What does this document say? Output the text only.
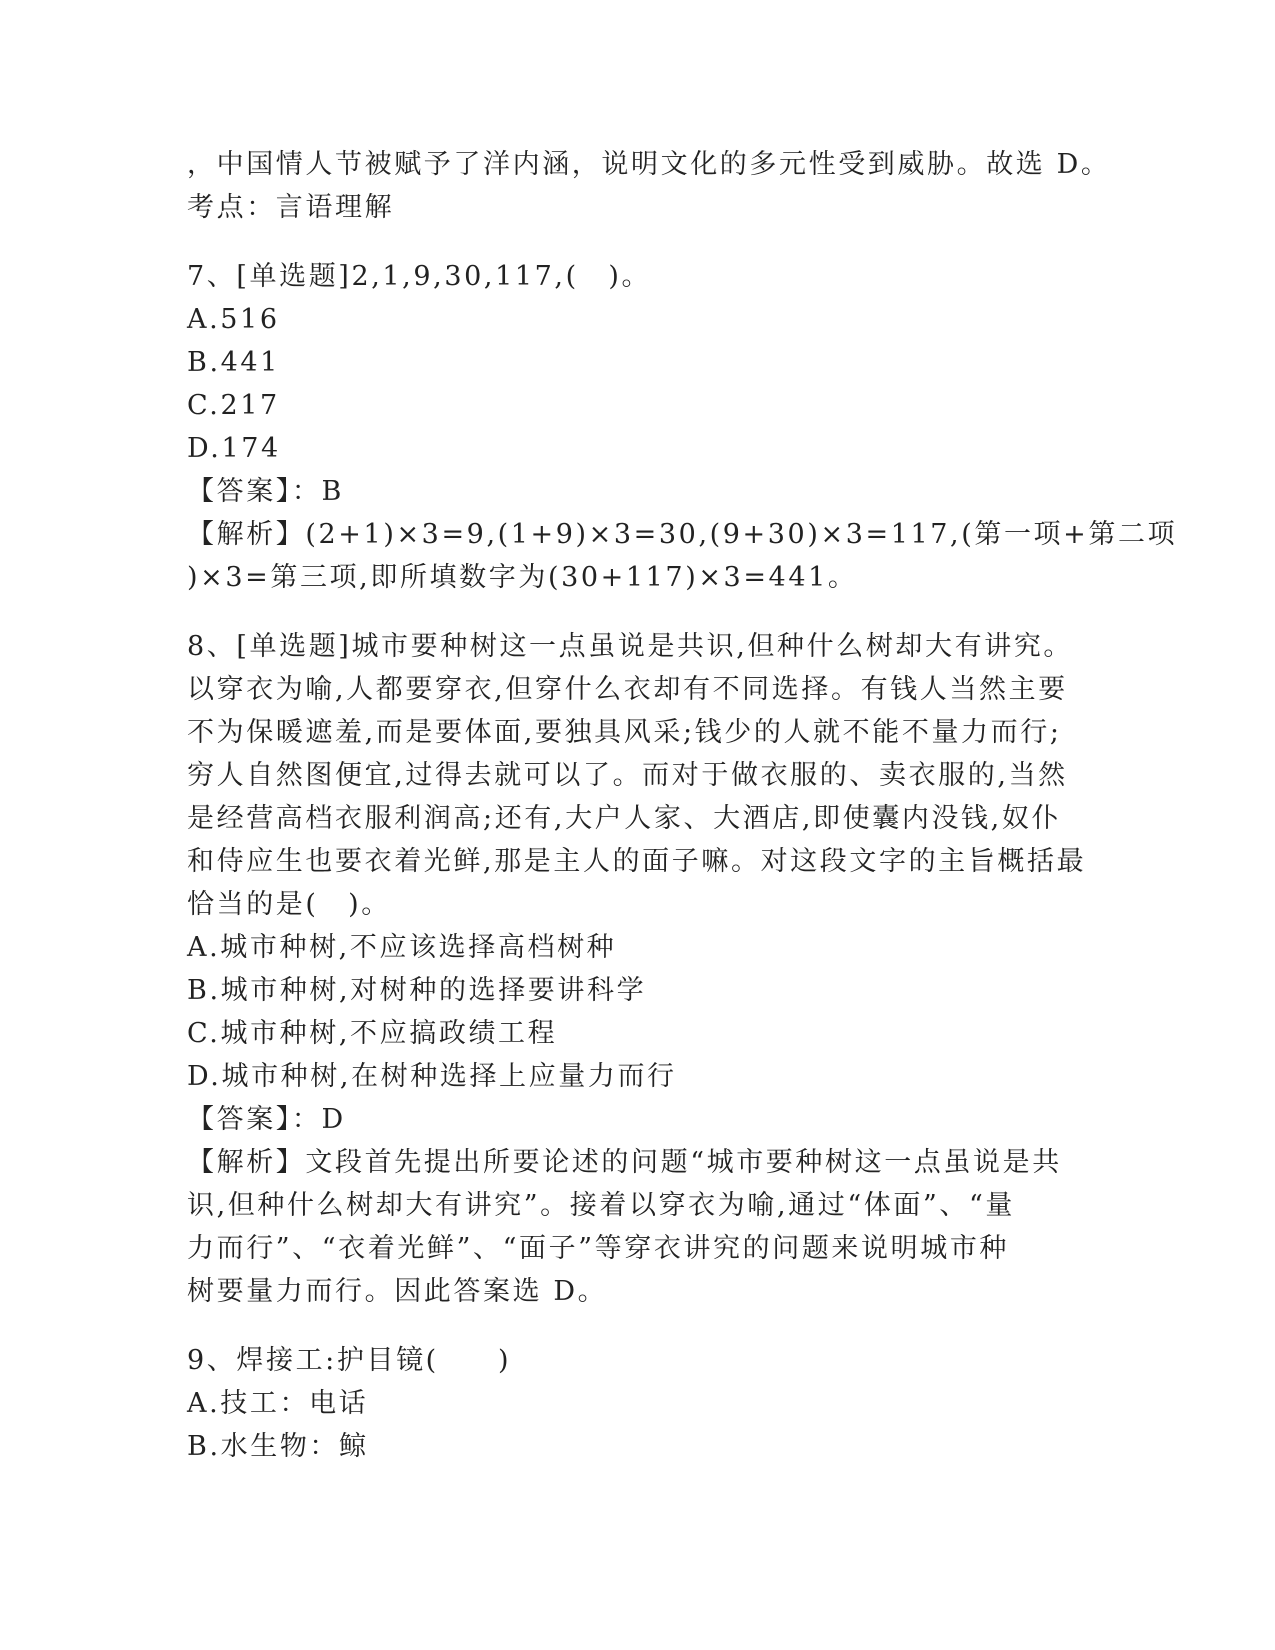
，中国情人节被赋予了洋内涵，说明文化的多元性受到威胁。故选 D。
考点：言语理解
7、[单选题]2,1,9,30,117,(　)。
A.516
B.441
C.217
D.174
【答案】：B
【解析】(2+1)×3=9,(1+9)×3=30,(9+30)×3=117,(第一项+第二项
)×3=第三项,即所填数字为(30+117)×3=441。
8、[单选题]城市要种树这一点虽说是共识,但种什么树却大有讲究。
以穿衣为喻,人都要穿衣,但穿什么衣却有不同选择。有钱人当然主要
不为保暖遮羞,而是要体面,要独具风采;钱少的人就不能不量力而行;
穷人自然图便宜,过得去就可以了。而对于做衣服的、卖衣服的,当然
是经营高档衣服利润高;还有,大户人家、大酒店,即使囊内没钱,奴仆
和侍应生也要衣着光鲜,那是主人的面子嘛。对这段文字的主旨概括最
恰当的是(　)。
A.城市种树,不应该选择高档树种
B.城市种树,对树种的选择要讲科学
C.城市种树,不应搞政绩工程
D.城市种树,在树种选择上应量力而行
【答案】：D
【解析】文段首先提出所要论述的问题“城市要种树这一点虽说是共
识,但种什么树却大有讲究”。接着以穿衣为喻,通过“体面”、“量
力而行”、“衣着光鲜”、“面子”等穿衣讲究的问题来说明城市种
树要量力而行。因此答案选 D。
9、焊接工:护目镜(　　)
A.技工：电话
B.水生物：鲸
